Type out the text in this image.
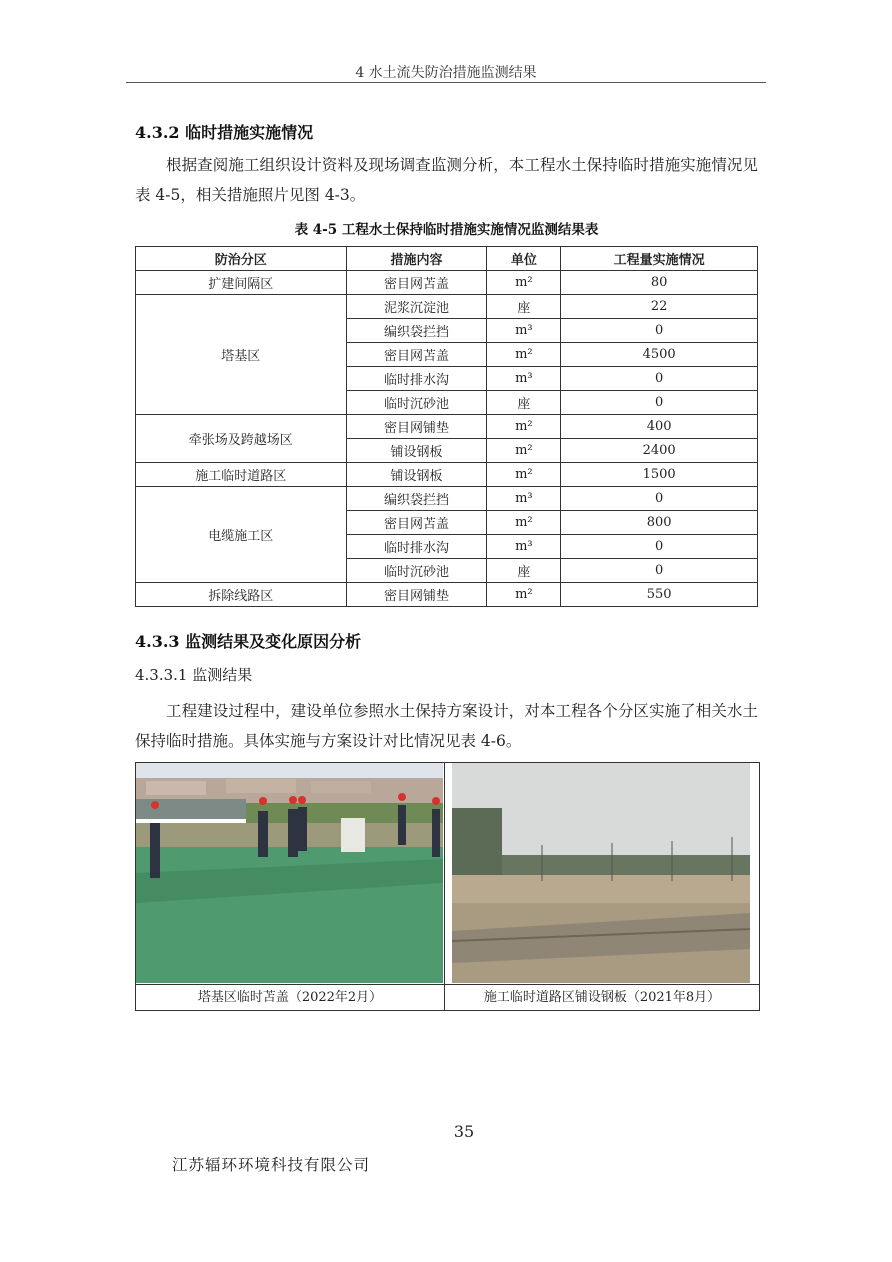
4 水土流失防治措施监测结果
4.3.2 临时措施实施情况
根据查阅施工组织设计资料及现场调查监测分析，本工程水土保持临时措施实施情况见表 4-5，相关措施照片见图 4-3。
表 4-5 工程水土保持临时措施实施情况监测结果表
防治分区	措施内容	单位	工程量实施情况
扩建间隔区	密目网苫盖	m²	80
塔基区	泥浆沉淀池	座	22
	编织袋拦挡	m³	0
	密目网苫盖	m²	4500
	临时排水沟	m³	0
	临时沉砂池	座	0
牵张场及跨越场区	密目网铺垫	m²	400
	铺设钢板	m²	2400
施工临时道路区	铺设钢板	m²	1500
电缆施工区	编织袋拦挡	m³	0
	密目网苫盖	m²	800
	临时排水沟	m³	0
	临时沉砂池	座	0
拆除线路区	密目网铺垫	m²	550
4.3.3 监测结果及变化原因分析
4.3.3.1 监测结果
工程建设过程中，建设单位参照水土保持方案设计，对本工程各个分区实施了相关水土保持临时措施。具体实施与方案设计对比情况见表 4-6。
塔基区临时苫盖（2022年2月）	施工临时道路区铺设钢板（2021年8月）
35
江苏辐环环境科技有限公司
